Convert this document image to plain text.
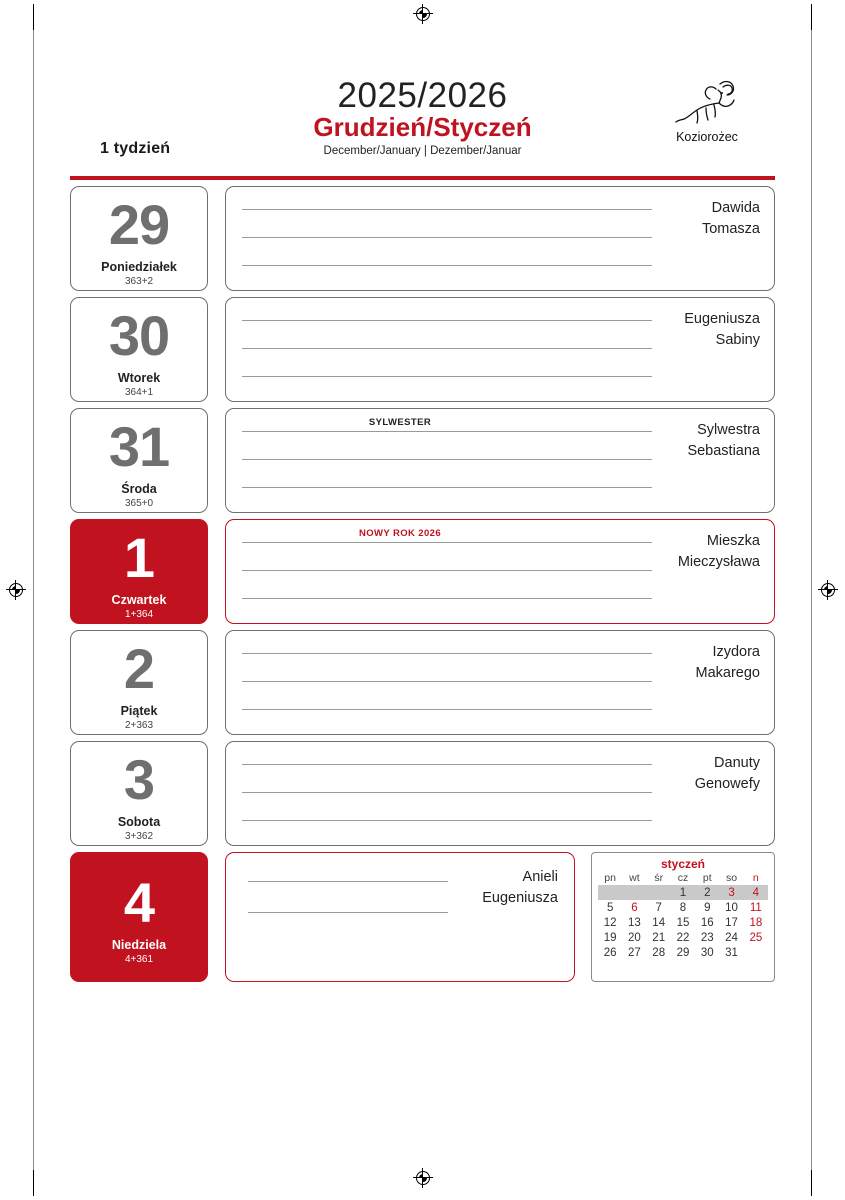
1 tydzień
2025/2026
Grudzień/Styczeń
December/January | Dezember/Januar
Koziorożec
29
Poniedziałek
363+2
Dawida
Tomasza
30
Wtorek
364+1
Eugeniusza
Sabiny
31
Środa
365+0
SYLWESTER	Sylwestra
Sebastiana
1
Czwartek
1+364
NOWY ROK 2026	Mieszka
Mieczysława
2
Piątek
2+363
Izydora
Makarego
3
Sobota
3+362
Danuty
Genowefy
4
Niedziela
4+361
Anieli
Eugeniusza
styczeń
pn	wt	śr	cz	pt	so	n
			1	2	3	4
5	6	7	8	9	10	11
12	13	14	15	16	17	18
19	20	21	22	23	24	25
26	27	28	29	30	31	
